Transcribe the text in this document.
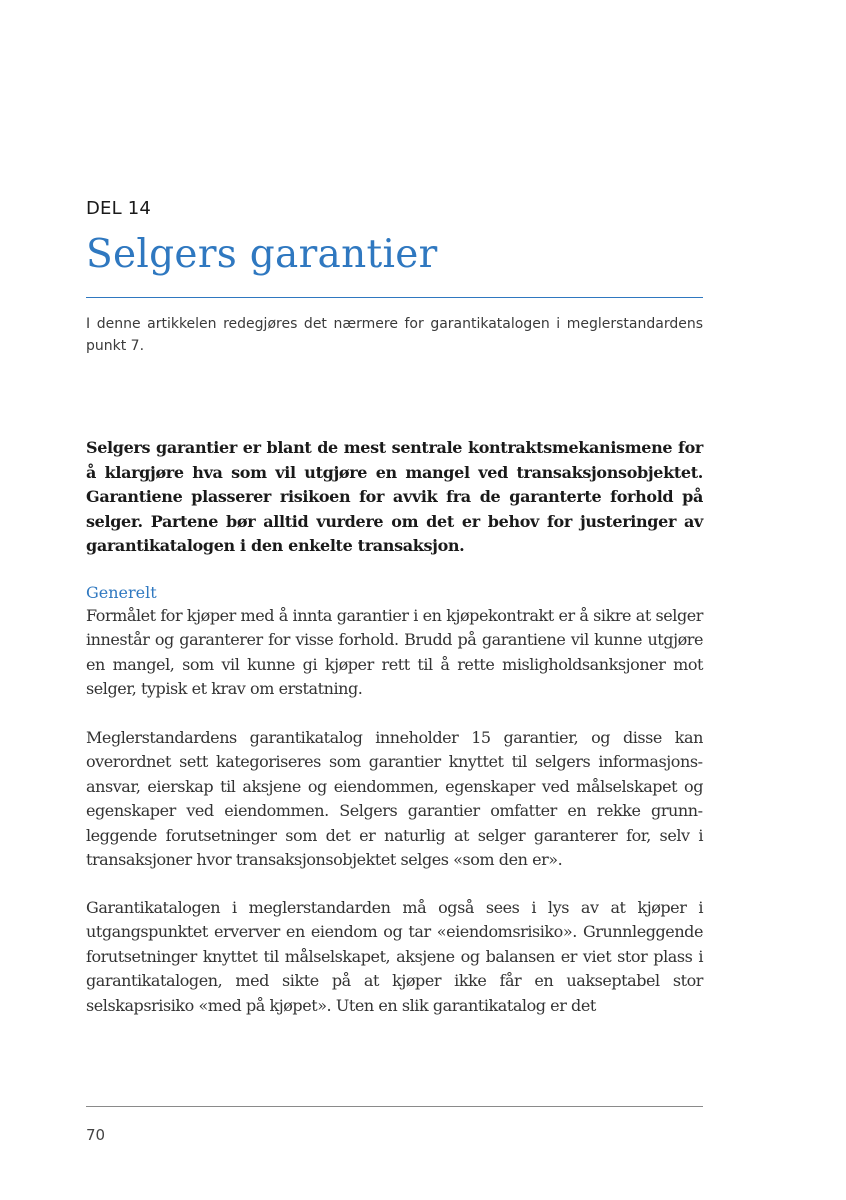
DEL 14
Selgers garantier

I denne artikkelen redegjøres det nærmere for garantikatalogen i meglerstandardens punkt 7.

Selgers garantier er blant de mest sentrale kontraktsmekanismene for å klargjøre hva som vil utgjøre en mangel ved transaksjonsobjektet. Garantiene plasserer risikoen for avvik fra de garanterte forhold på selger. Partene bør alltid vurdere om det er behov for justeringer av garantikatalogen i den enkelte transaksjon.

Generelt

Formålet for kjøper med å innta garantier i en kjøpekontrakt er å sikre at selger innestår og garanterer for visse forhold. Brudd på garantiene vil kunne utgjøre en mangel, som vil kunne gi kjøper rett til å rette misligholdsanksjoner mot selger, typisk et krav om erstatning.

Meglerstandardens garantikatalog inneholder 15 garantier, og disse kan overordnet sett kategoriseres som garantier knyttet til selgers informasjonsansvar, eierskap til aksjene og eiendommen, egenskaper ved målselskapet og egenskaper ved eiendommen. Selgers garantier omfatter en rekke grunnleggende forutsetninger som det er naturlig at selger garanterer for, selv i transaksjoner hvor transaksjonsobjektet selges «som den er».

Garantikatalogen i meglerstandarden må også sees i lys av at kjøper i utgangspunktet erverver en eiendom og tar «eiendomsrisiko». Grunnleggende forutsetninger knyttet til målselskapet, aksjene og balansen er viet stor plass i garantikatalogen, med sikte på at kjøper ikke får en uakseptabel stor selskapsrisiko «med på kjøpet». Uten en slik garantikatalog er det

70
